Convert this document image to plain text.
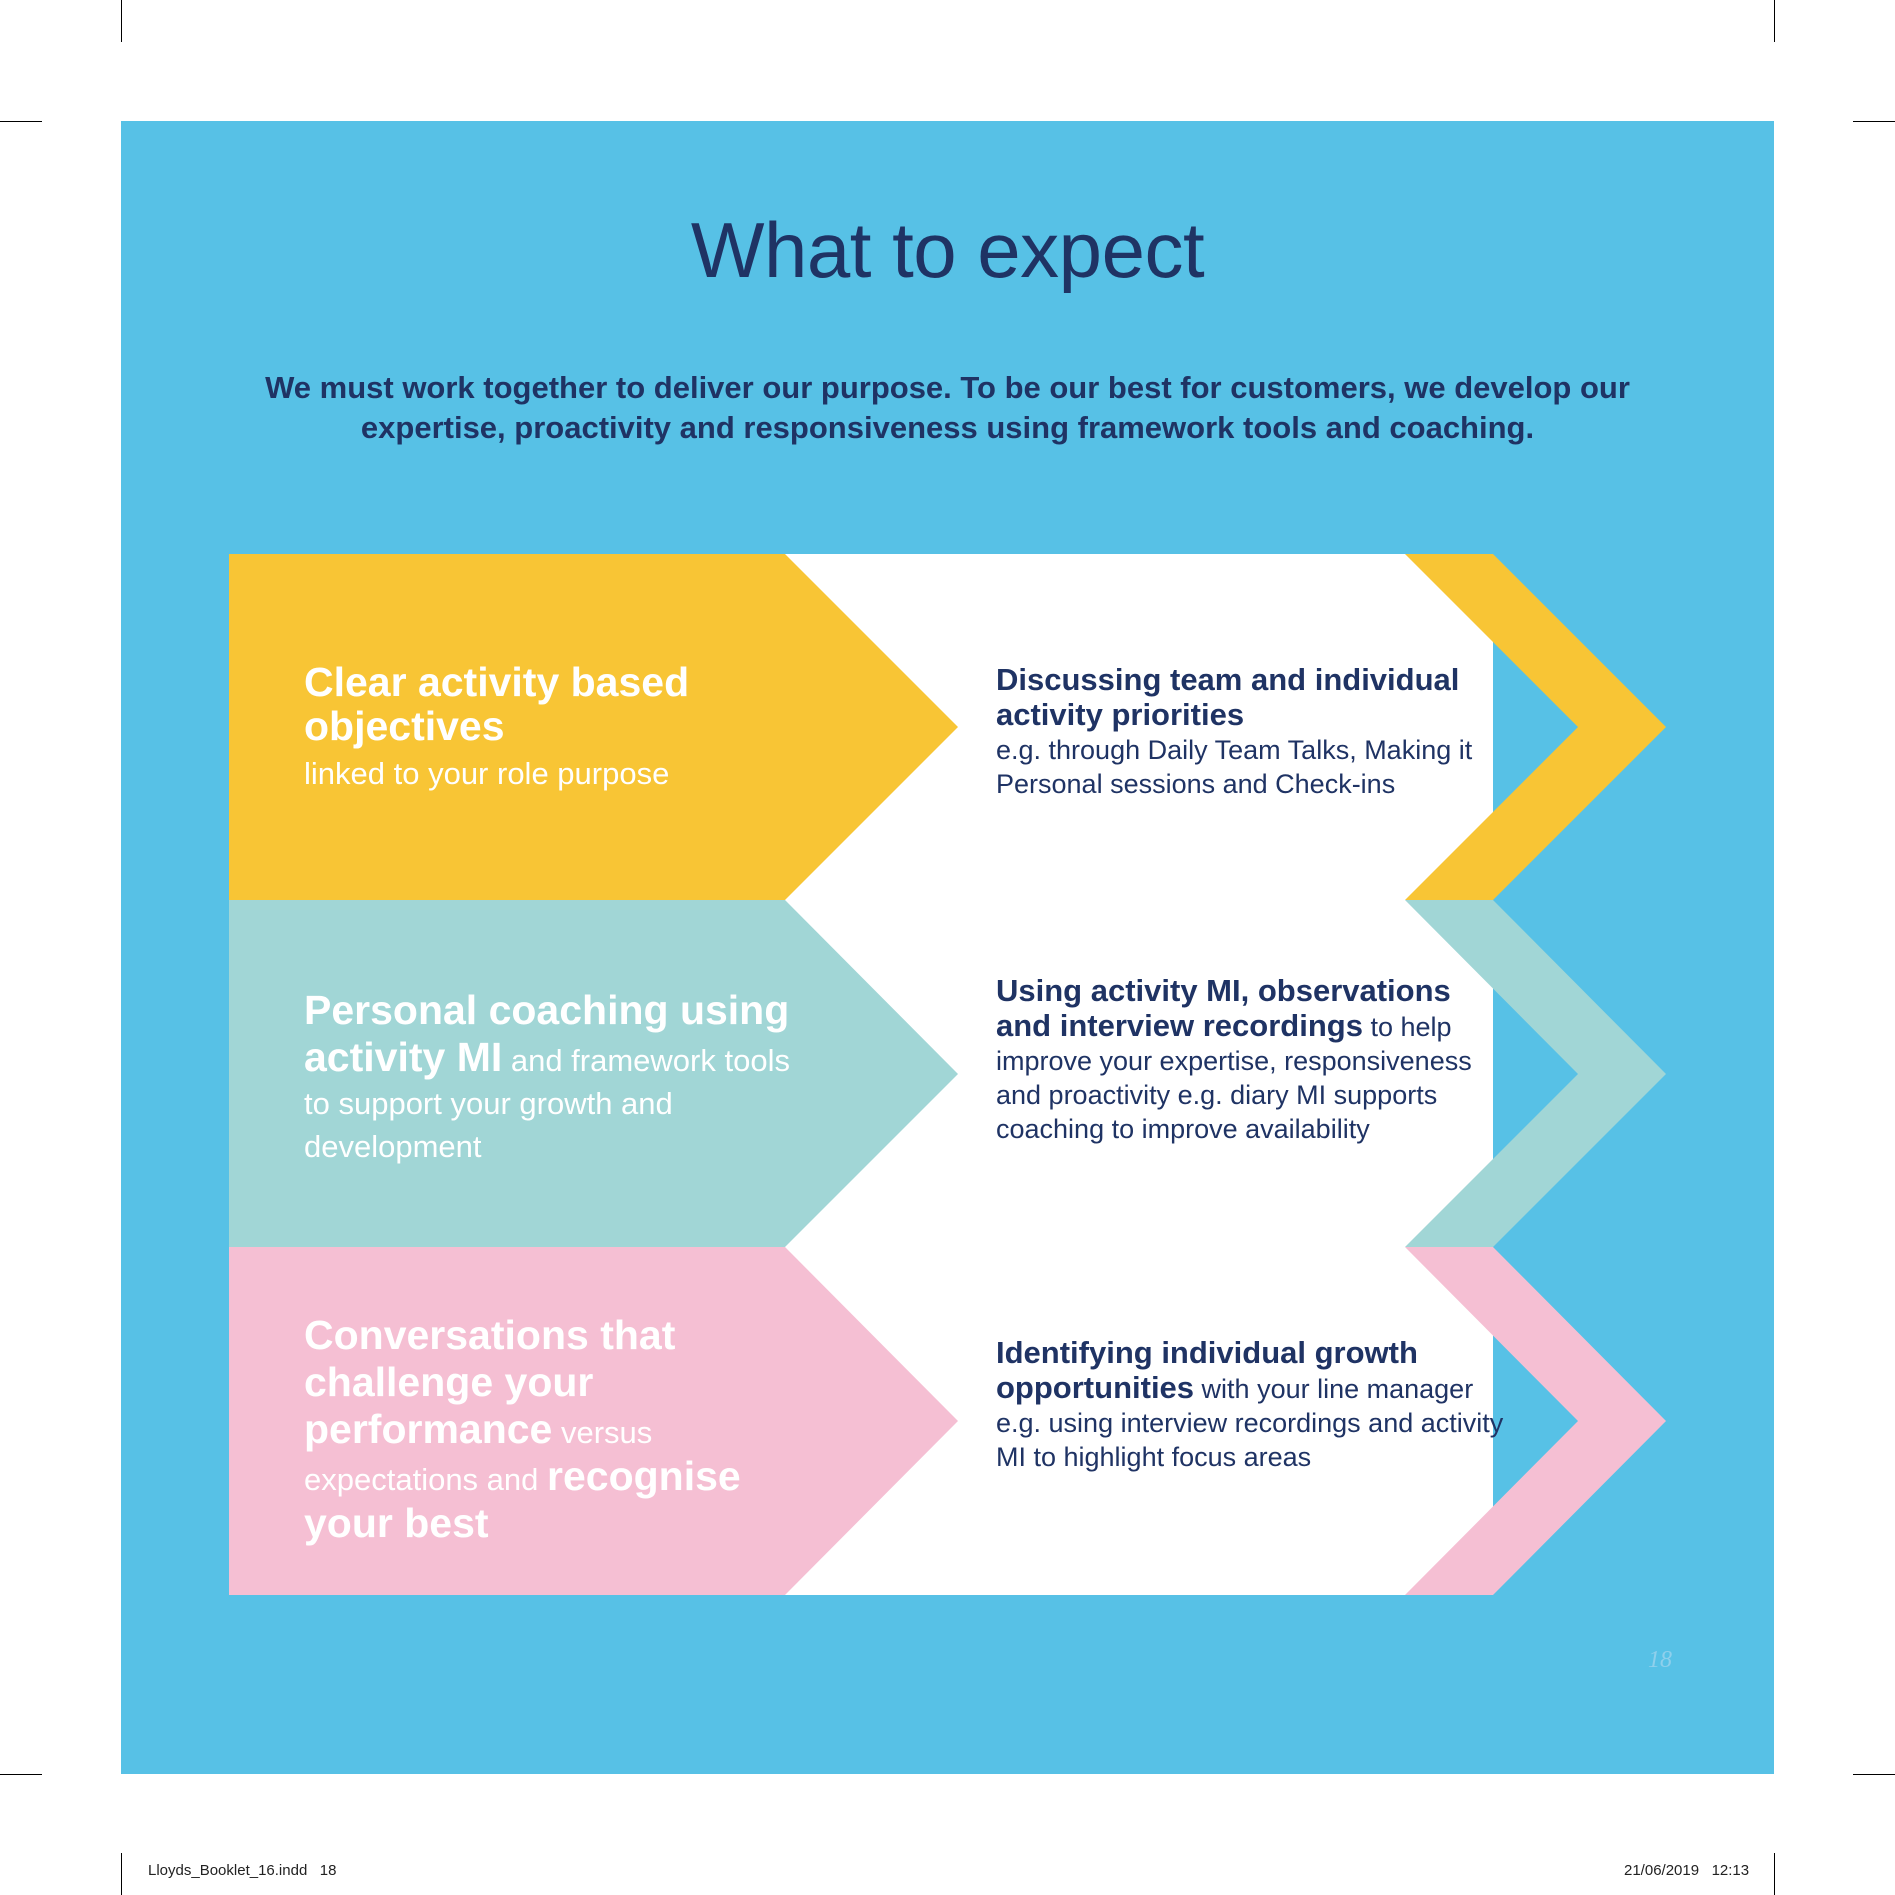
What to expect
We must work together to deliver our purpose. To be our best for customers, we develop our expertise, proactivity and responsiveness using framework tools and coaching.
Clear activity based objectives
linked to your role purpose
Discussing team and individual activity priorities
e.g. through Daily Team Talks, Making it Personal sessions and Check-ins
Personal coaching using activity MI and framework tools to support your growth and development
Using activity MI, observations and interview recordings to help improve your expertise, responsiveness and proactivity e.g. diary MI supports coaching to improve availability
Conversations that challenge your performance versus expectations and recognise your best
Identifying individual growth opportunities with your line manager e.g. using interview recordings and activity MI to highlight focus areas
18
Lloyds_Booklet_16.indd   18	21/06/2019   12:13
